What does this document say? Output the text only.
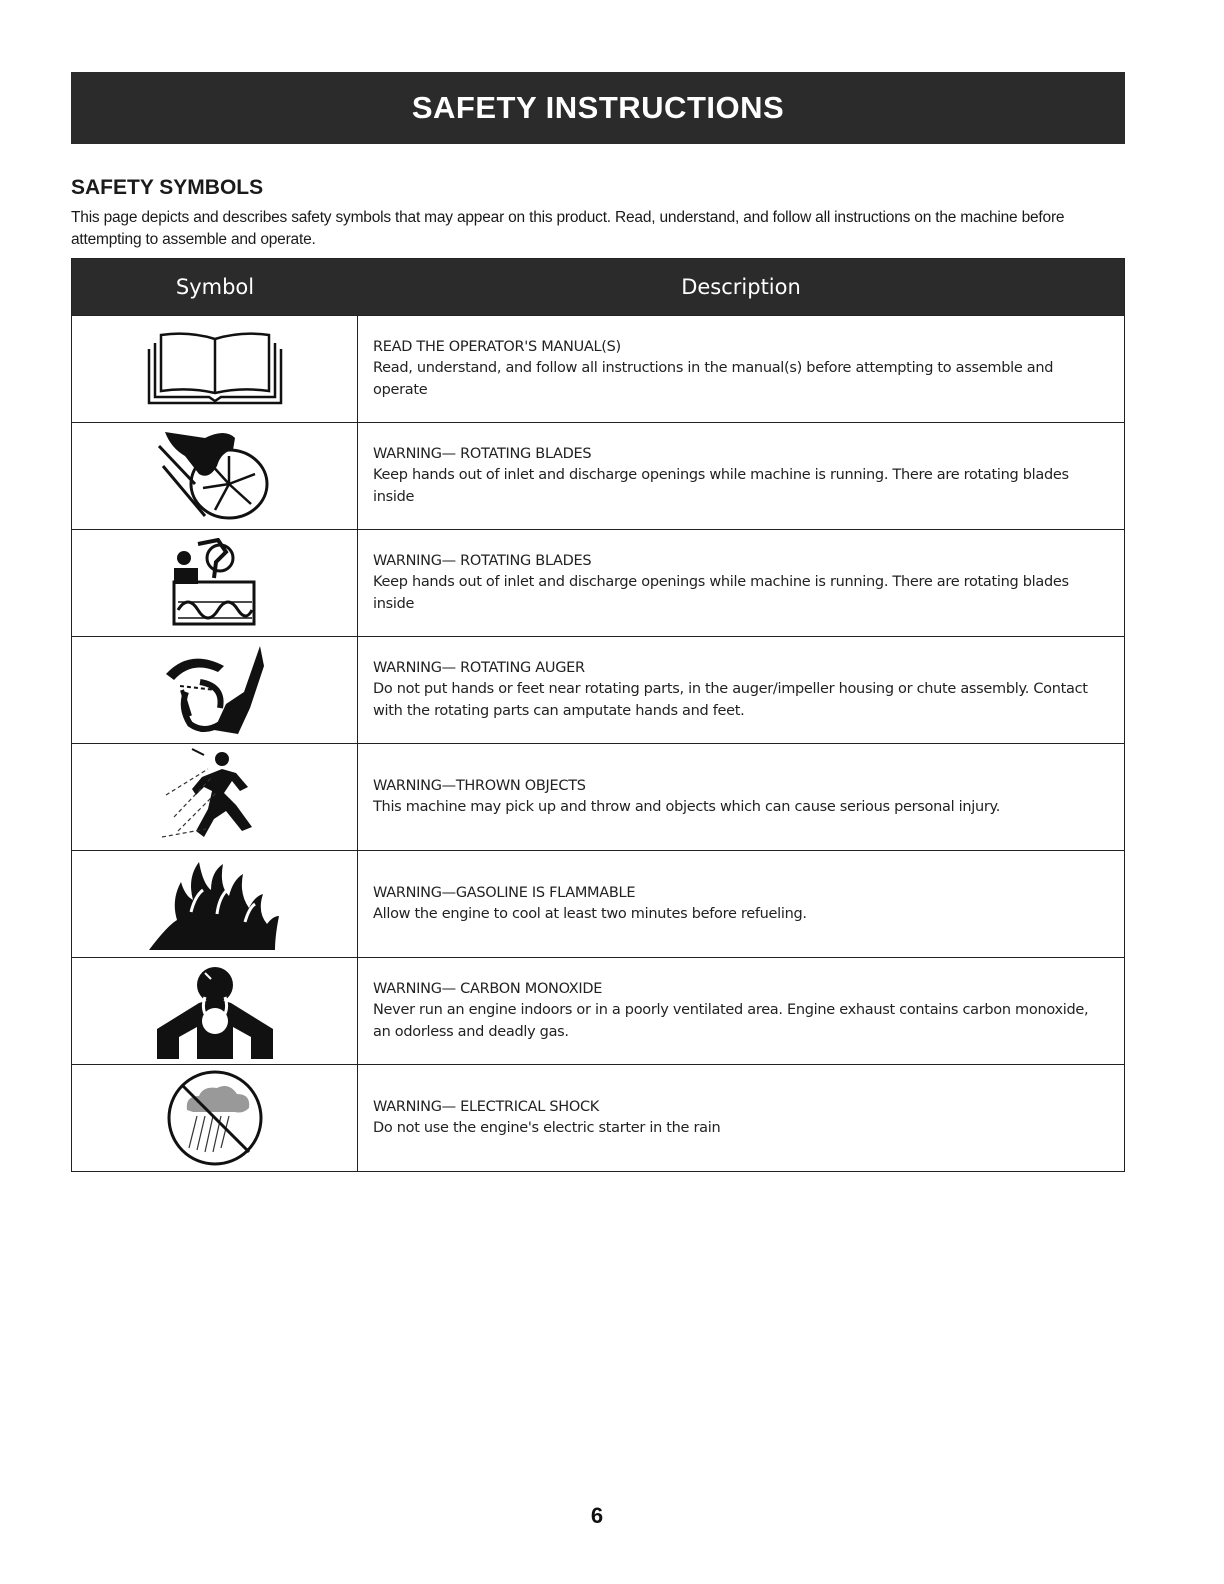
SAFETY INSTRUCTIONS
SAFETY SYMBOLS
This page depicts and describes safety symbols that may appear on this product. Read, understand, and follow all instructions on the machine before attempting to assemble and operate.
Symbol	Description
READ THE OPERATOR'S MANUAL(S)
Read, understand, and follow all instructions in the manual(s) before attempting to assemble and operate
WARNING— ROTATING BLADES
Keep hands out of inlet and discharge openings while machine is running. There are rotating blades inside
WARNING— ROTATING BLADES
Keep hands out of inlet and discharge openings while machine is running. There are rotating blades inside
WARNING— ROTATING AUGER
Do not put hands or feet near rotating parts, in the auger/impeller housing or chute assembly. Contact with the rotating parts can amputate hands and feet.
WARNING—THROWN OBJECTS
This machine may pick up and throw and objects which can cause serious personal injury.
WARNING—GASOLINE IS FLAMMABLE
Allow the engine to cool at least two minutes before refueling.
WARNING— CARBON MONOXIDE
Never run an engine indoors or in a poorly ventilated area. Engine exhaust contains carbon monoxide, an odorless and deadly gas.
WARNING— ELECTRICAL SHOCK
Do not use the engine's electric starter in the rain
6
